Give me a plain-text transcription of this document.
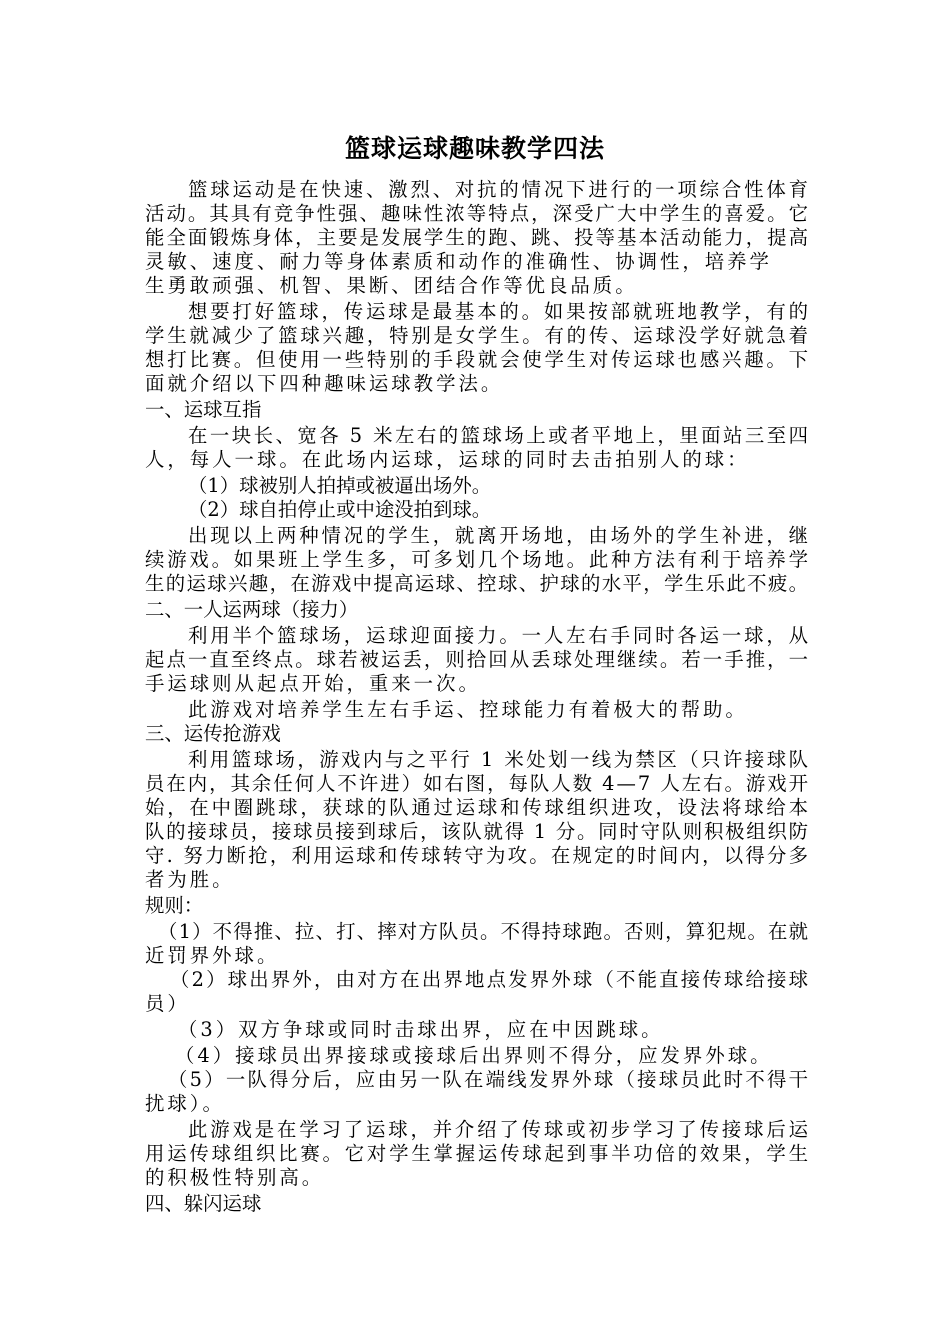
篮球运球趣味教学四法
篮球运动是在快速、激烈、对抗的情况下进行的一项综合性体育
活动。其具有竞争性强、趣味性浓等特点，深受广大中学生的喜爱。它
能全面锻炼身体，主要是发展学生的跑、跳、投等基本活动能力，提高
灵敏、速度、耐力等身体素质和动作的准确性、协调性，培养学
生勇敢顽强、机智、果断、团结合作等优良品质。
想要打好篮球，传运球是最基本的。如果按部就班地教学，有的
学生就减少了篮球兴趣，特别是女学生。有的传、运球没学好就急着
想打比赛。但使用一些特别的手段就会使学生对传运球也感兴趣。下
面就介绍以下四种趣味运球教学法。
一、运球互指
在一块长、宽各 5 米左右的篮球场上或者平地上，里面站三至四
人，每人一球。在此场内运球，运球的同时去击拍别人的球：
（1）球被别人拍掉或被逼出场外。
（2）球自拍停止或中途没拍到球。
出现以上两种情况的学生，就离开场地，由场外的学生补进，继
续游戏。如果班上学生多，可多划几个场地。此种方法有利于培养学
生的运球兴趣，在游戏中提高运球、控球、护球的水平，学生乐此不疲。
二、一人运两球（接力）
利用半个篮球场，运球迎面接力。一人左右手同时各运一球，从
起点一直至终点。球若被运丢，则拾回从丢球处理继续。若一手推，一
手运球则从起点开始，重来一次。
此游戏对培养学生左右手运、控球能力有着极大的帮助。
三、运传抢游戏
利用篮球场，游戏内与之平行 1 米处划一线为禁区（只许接球队
员在内，其余任何人不许进）如右图，每队人数 4—7 人左右。游戏开
始，在中圈跳球，获球的队通过运球和传球组织进攻，设法将球给本
队的接球员，接球员接到球后，该队就得 1 分。同时守队则积极组织防
守. 努力断抢，利用运球和传球转守为攻。在规定的时间内，以得分多
者为胜。
规则：
（1）不得推、拉、打、摔对方队员。不得持球跑。否则，算犯规。在就
近罚界外球。
（2）球出界外，由对方在出界地点发界外球（不能直接传球给接球
员）
（3）双方争球或同时击球出界，应在中因跳球。
（4）接球员出界接球或接球后出界则不得分，应发界外球。
（5）一队得分后，应由另一队在端线发界外球（接球员此时不得干
扰球）。
此游戏是在学习了运球，并介绍了传球或初步学习了传接球后运
用运传球组织比赛。它对学生掌握运传球起到事半功倍的效果，学生
的积极性特别高。
四、躲闪运球
